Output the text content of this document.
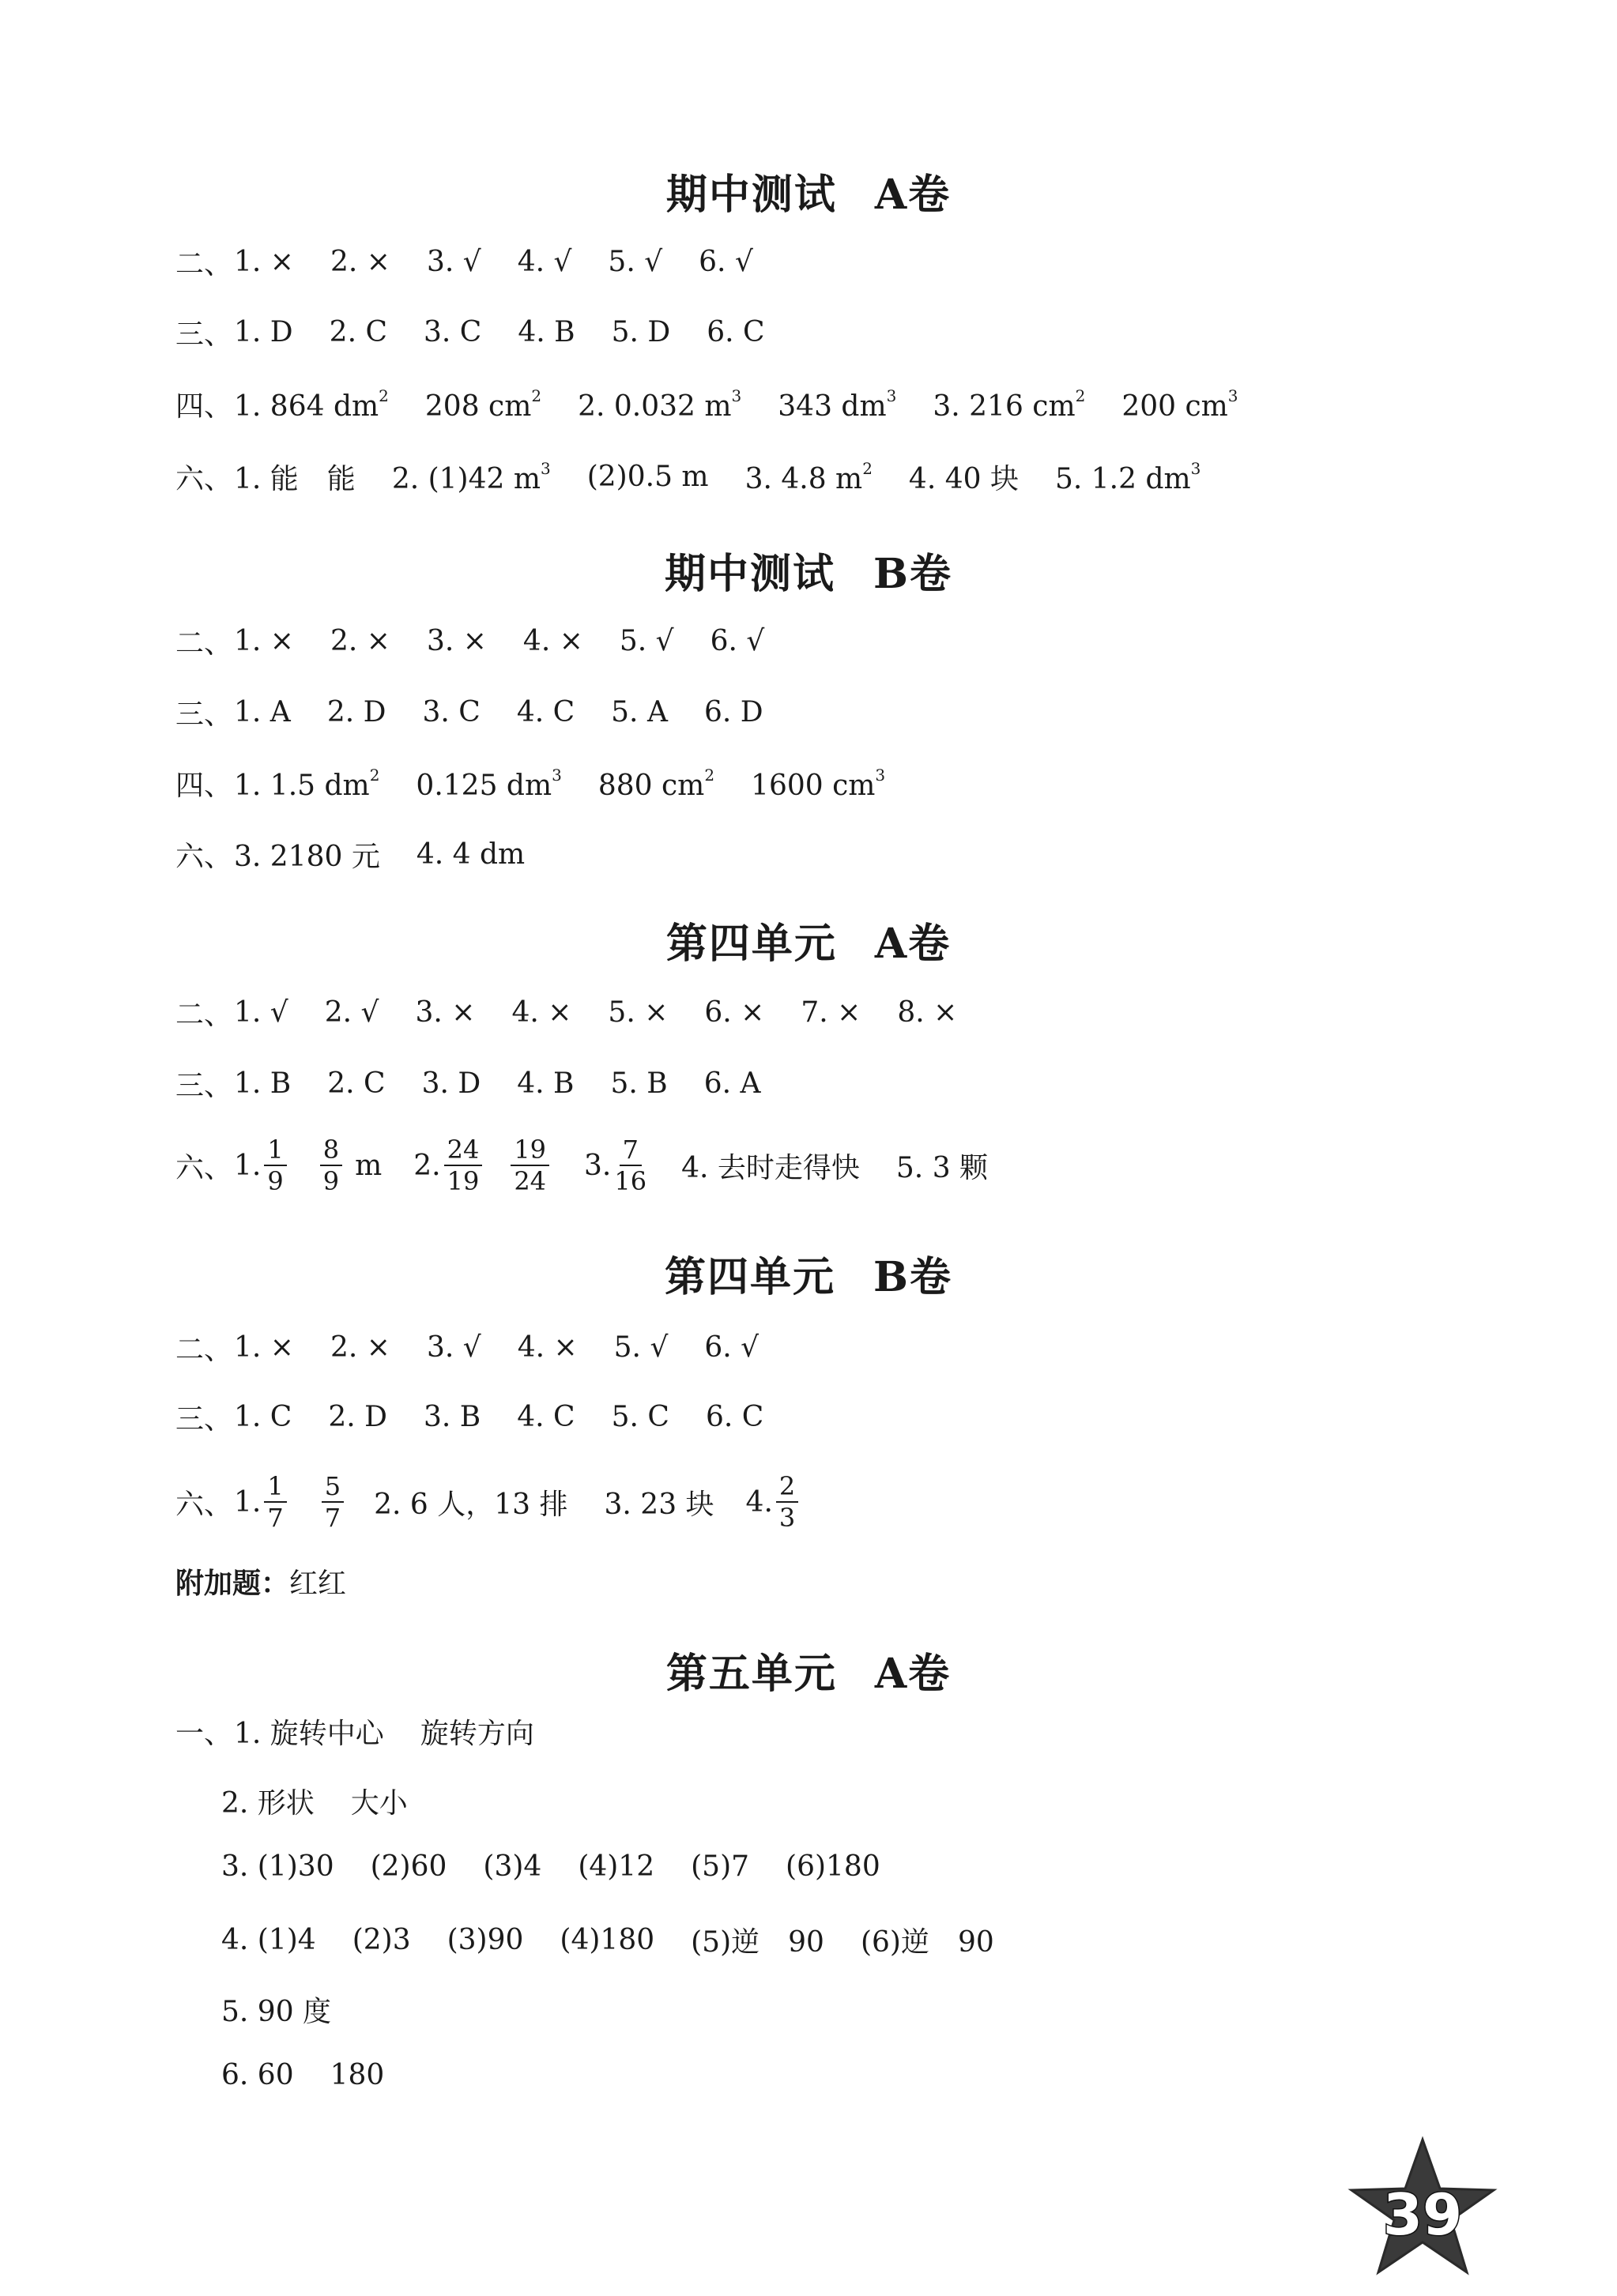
期中测试 A卷
二、 1. × 2. × 3. √ 4. √ 5. √ 6. √
三、 1. D 2. C 3. C 4. B 5. D 6. C
四、 1. 864 $dm^2$ 208 $cm^2$ 2. 0.032 $m^3$ 343 $dm^3$ 3. 216 $cm^2$ 200 $cm^3$
六、 1. 能　能 2. (1)42 $m^3$ (2)0.5 m 3. 4.8 $m^2$ 4. 40 块 5. 1.2 $dm^3$
期中测试 B卷
二、 1. × 2. × 3. × 4. × 5. √ 6. √
三、 1. A 2. D 3. C 4. C 5. A 6. D
四、 1. 1.5 $dm^2$ 0.125 $dm^3$ 880 $cm^2$ 1600 $cm^3$
六、 3. 2180 元 4. 4 dm
第四单元 A卷
二、 1. √ 2. √ 3. × 4. × 5. × 6. × 7. × 8. ×
三、 1. B 2. C 3. D 4. B 5. B 6. A
六、 1. $\frac{1}{9} \frac{8}{9}$ m 2. $\frac{24}{19} \frac{19}{24} 3$. $\frac{7}{16} 4$. 去时走得快 5. 3 颗
第四单元 B卷
二、 1. × 2. × 3. √ 4. × 5. √ 6. √
三、 1. C 2. D 3. B 4. C 5. C 6. C
六、 1. $\frac{1}{7} \frac{5}{7} 2$. 6 人，13 排 3. 23 块 4. $\frac{2}{3}$
附加题： 红红
第五单元 A卷
一、 1. 旋转中心 旋转方向
2. 形状 大小
3. (1)30 (2)60 (3)4 (4)12 (5)7 (6)180
4. (1)4 (2)3 (3)90 (4)180 (5)逆　90 (6)逆　90
5. 90 度
6. 60 180
39
